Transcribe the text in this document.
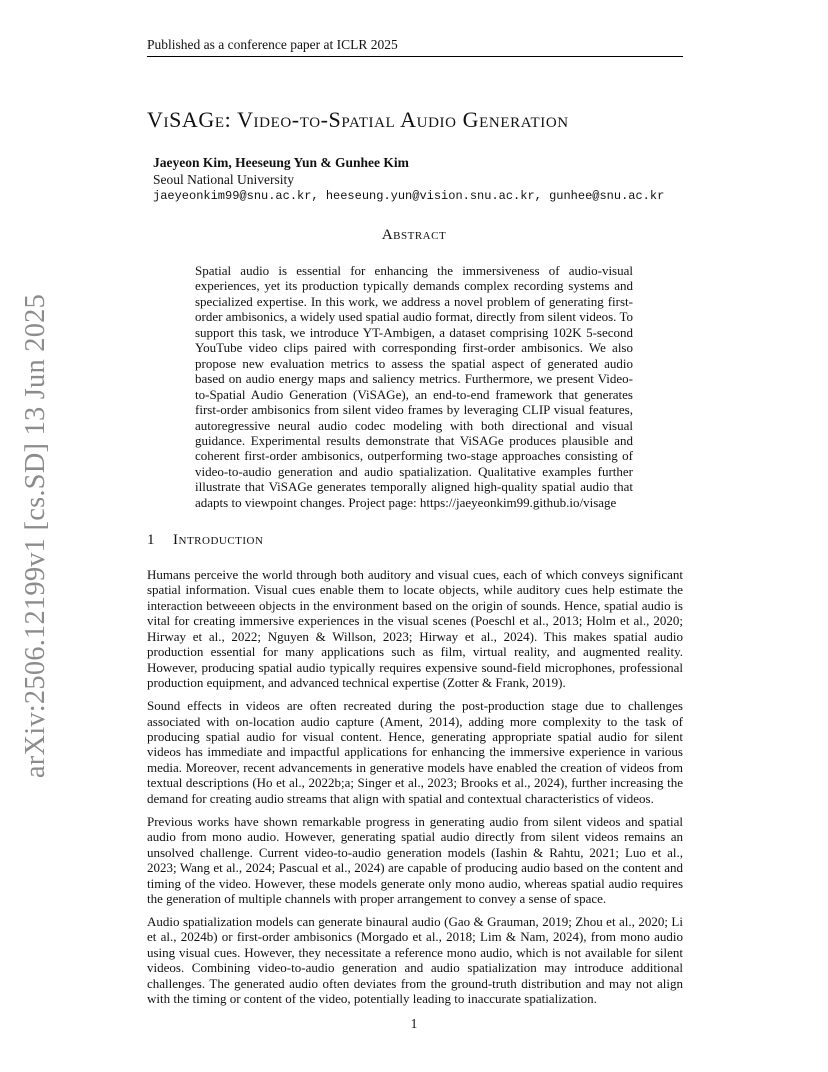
Published as a conference paper at ICLR 2025
arXiv:2506.12199v1 [cs.SD] 13 Jun 2025
ViSAGe: Video-to-Spatial Audio Generation
Jaeyeon Kim, Heeseung Yun & Gunhee Kim
Seoul National University
jaeyeonkim99@snu.ac.kr, heeseung.yun@vision.snu.ac.kr, gunhee@snu.ac.kr
Abstract

Spatial audio is essential for enhancing the immersiveness of audio-visual experiences, yet its production typically demands complex recording systems and specialized expertise. In this work, we address a novel problem of generating first-order ambisonics, a widely used spatial audio format, directly from silent videos. To support this task, we introduce YT-Ambigen, a dataset comprising 102K 5-second YouTube video clips paired with corresponding first-order ambisonics. We also propose new evaluation metrics to assess the spatial aspect of generated audio based on audio energy maps and saliency metrics. Furthermore, we present Video-to-Spatial Audio Generation (ViSAGe), an end-to-end framework that generates first-order ambisonics from silent video frames by leveraging CLIP visual features, autoregressive neural audio codec modeling with both directional and visual guidance. Experimental results demonstrate that ViSAGe produces plausible and coherent first-order ambisonics, outperforming two-stage approaches consisting of video-to-audio generation and audio spatialization. Qualitative examples further illustrate that ViSAGe generates temporally aligned high-quality spatial audio that adapts to viewpoint changes. Project page: https://jaeyeonkim99.github.io/visage

1 Introduction

Humans perceive the world through both auditory and visual cues, each of which conveys significant spatial information. Visual cues enable them to locate objects, while auditory cues help estimate the interaction betweeen objects in the environment based on the origin of sounds. Hence, spatial audio is vital for creating immersive experiences in the visual scenes (Poeschl et al., 2013; Holm et al., 2020; Hirway et al., 2022; Nguyen & Willson, 2023; Hirway et al., 2024). This makes spatial audio production essential for many applications such as film, virtual reality, and augmented reality. However, producing spatial audio typically requires expensive sound-field microphones, professional production equipment, and advanced technical expertise (Zotter & Frank, 2019).

Sound effects in videos are often recreated during the post-production stage due to challenges associated with on-location audio capture (Ament, 2014), adding more complexity to the task of producing spatial audio for visual content. Hence, generating appropriate spatial audio for silent videos has immediate and impactful applications for enhancing the immersive experience in various media. Moreover, recent advancements in generative models have enabled the creation of videos from textual descriptions (Ho et al., 2022b;a; Singer et al., 2023; Brooks et al., 2024), further increasing the demand for creating audio streams that align with spatial and contextual characteristics of videos.

Previous works have shown remarkable progress in generating audio from silent videos and spatial audio from mono audio. However, generating spatial audio directly from silent videos remains an unsolved challenge. Current video-to-audio generation models (Iashin & Rahtu, 2021; Luo et al., 2023; Wang et al., 2024; Pascual et al., 2024) are capable of producing audio based on the content and timing of the video. However, these models generate only mono audio, whereas spatial audio requires the generation of multiple channels with proper arrangement to convey a sense of space.

Audio spatialization models can generate binaural audio (Gao & Grauman, 2019; Zhou et al., 2020; Li et al., 2024b) or first-order ambisonics (Morgado et al., 2018; Lim & Nam, 2024), from mono audio using visual cues. However, they necessitate a reference mono audio, which is not available for silent videos. Combining video-to-audio generation and audio spatialization may introduce additional challenges. The generated audio often deviates from the ground-truth distribution and may not align with the timing or content of the video, potentially leading to inaccurate spatialization.

1
